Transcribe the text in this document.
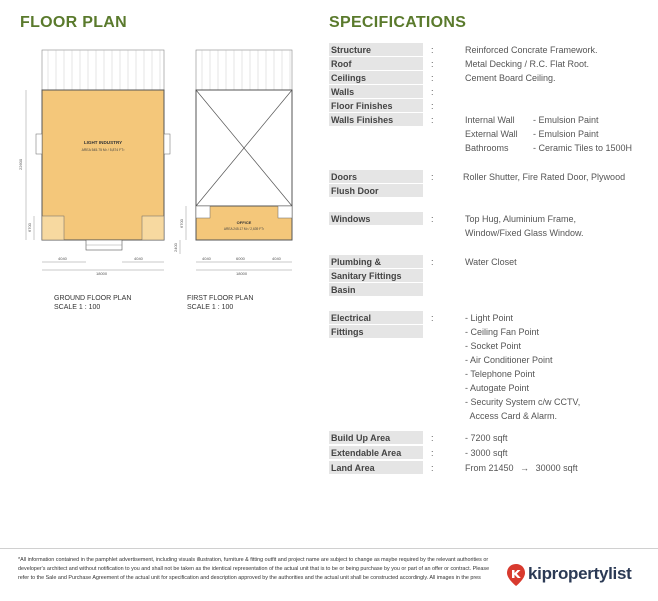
FLOOR PLAN
22600
6700
4040	4040
18000
LIGHT INDUSTRY
AREA 545.75 M² / 5,874 FT²
6700
2400
4040	6000	4040
18000
OFFICE
AREA 245.17 M² / 2,639 FT²
GROUND FLOOR PLAN
SCALE 1 : 100
FIRST FLOOR PLAN
SCALE 1 : 100
SPECIFICATIONS
Structure	:	Reinforced Concrate Framework.
Roof	:	Metal Decking / R.C. Flat Root.
Ceilings	:	Cement Board Ceiling.
Walls	:
Floor Finishes	:
Walls Finishes	:	Internal Wall - Emulsion Paint
External Wall - Emulsion Paint
Bathrooms	- Ceramic Tiles to 1500H
Doors	:	Roller Shutter, Fire Rated Door, Plywood
Flush Door
Windows	:	Top Hug, Aluminium Frame,
Window/Fixed Glass Window.
Plumbing &
Sanitary Fittings
Basin
:	Water Closet
Electrical
Fittings
:	- Light Point
- Ceiling Fan Point
- Socket Point
- Air Conditioner Point
- Telephone Point
- Autogate Point
- Security System c/w CCTV,
Access Card & Alarm.
Build Up Area	:	- 7200 sqft
Extendable Area	:	- 3000 sqft
Land Area	:	From 21450 → 30000 sqft
*All information contained in the pamphlet advertisement, including visuals illustration, furniture & fitting outfit and project name are subject to change as maybe required by the relevant authorities or developer's architect and without notification to you and shall not be taken as the identical representation of the actual unit that is to be or being purchase by you or part of an offer or contract. Please refer to the Sale and Purchase Agreement of the actual unit for specification and description approved by the authorities and the actual unit shall be constructed accordingly. All images in the pres	kipropertylist
